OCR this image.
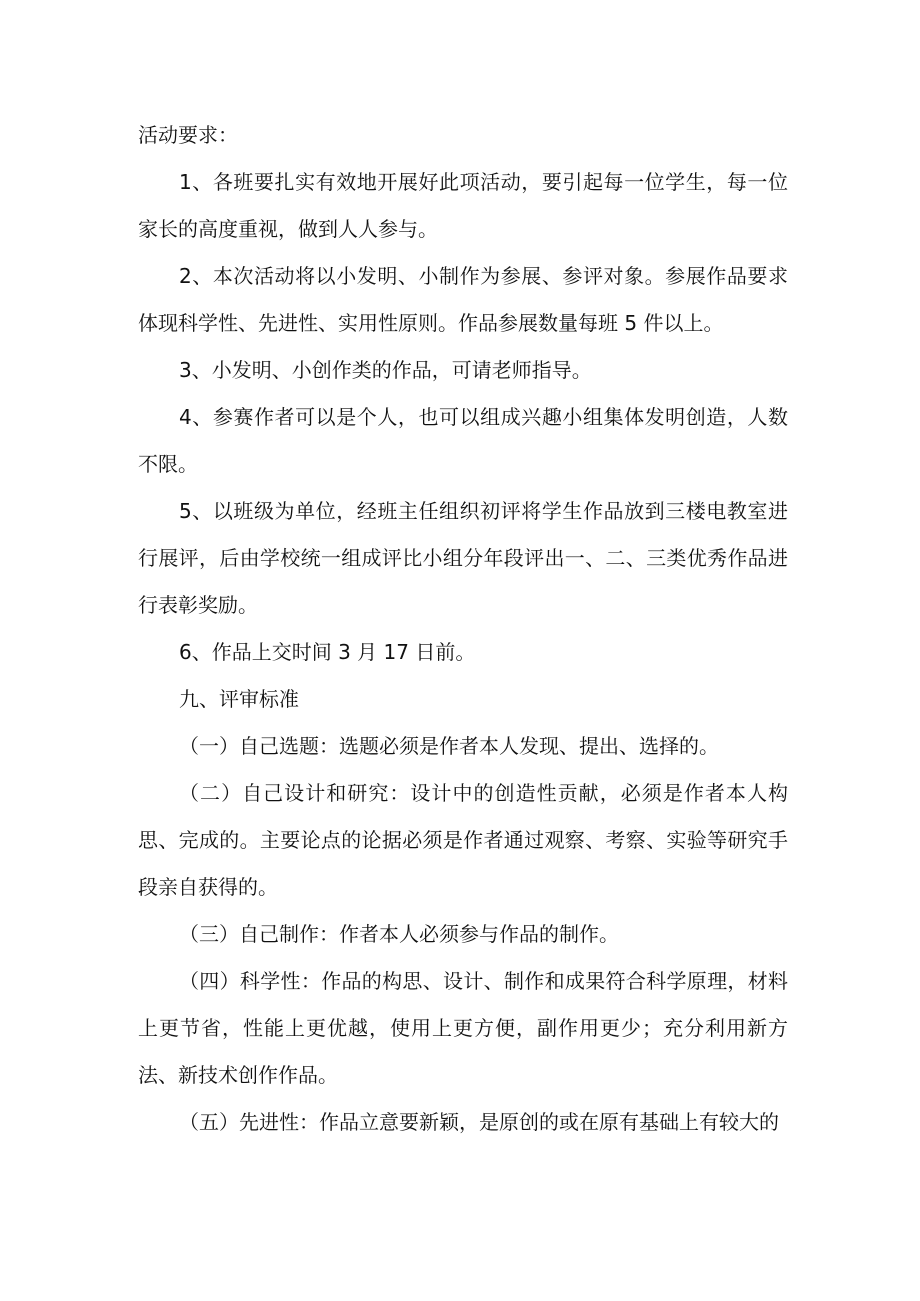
活动要求：

1、各班要扎实有效地开展好此项活动，要引起每一位学生，每一位家长的高度重视，做到人人参与。

2、本次活动将以小发明、小制作为参展、参评对象。参展作品要求体现科学性、先进性、实用性原则。作品参展数量每班 5 件以上。

3、小发明、小创作类的作品，可请老师指导。

4、参赛作者可以是个人，也可以组成兴趣小组集体发明创造，人数不限。

5、以班级为单位，经班主任组织初评将学生作品放到三楼电教室进行展评，后由学校统一组成评比小组分年段评出一、二、三类优秀作品进行表彰奖励。

6、作品上交时间 3 月 17 日前。

九、评审标准

（一）自己选题：选题必须是作者本人发现、提出、选择的。

（二）自己设计和研究：设计中的创造性贡献，必须是作者本人构思、完成的。主要论点的论据必须是作者通过观察、考察、实验等研究手段亲自获得的。

（三）自己制作：作者本人必须参与作品的制作。

（四）科学性：作品的构思、设计、制作和成果符合科学原理，材料上更节省，性能上更优越，使用上更方便，副作用更少；充分利用新方法、新技术创作作品。

（五）先进性：作品立意要新颖，是原创的或在原有基础上有较大的
